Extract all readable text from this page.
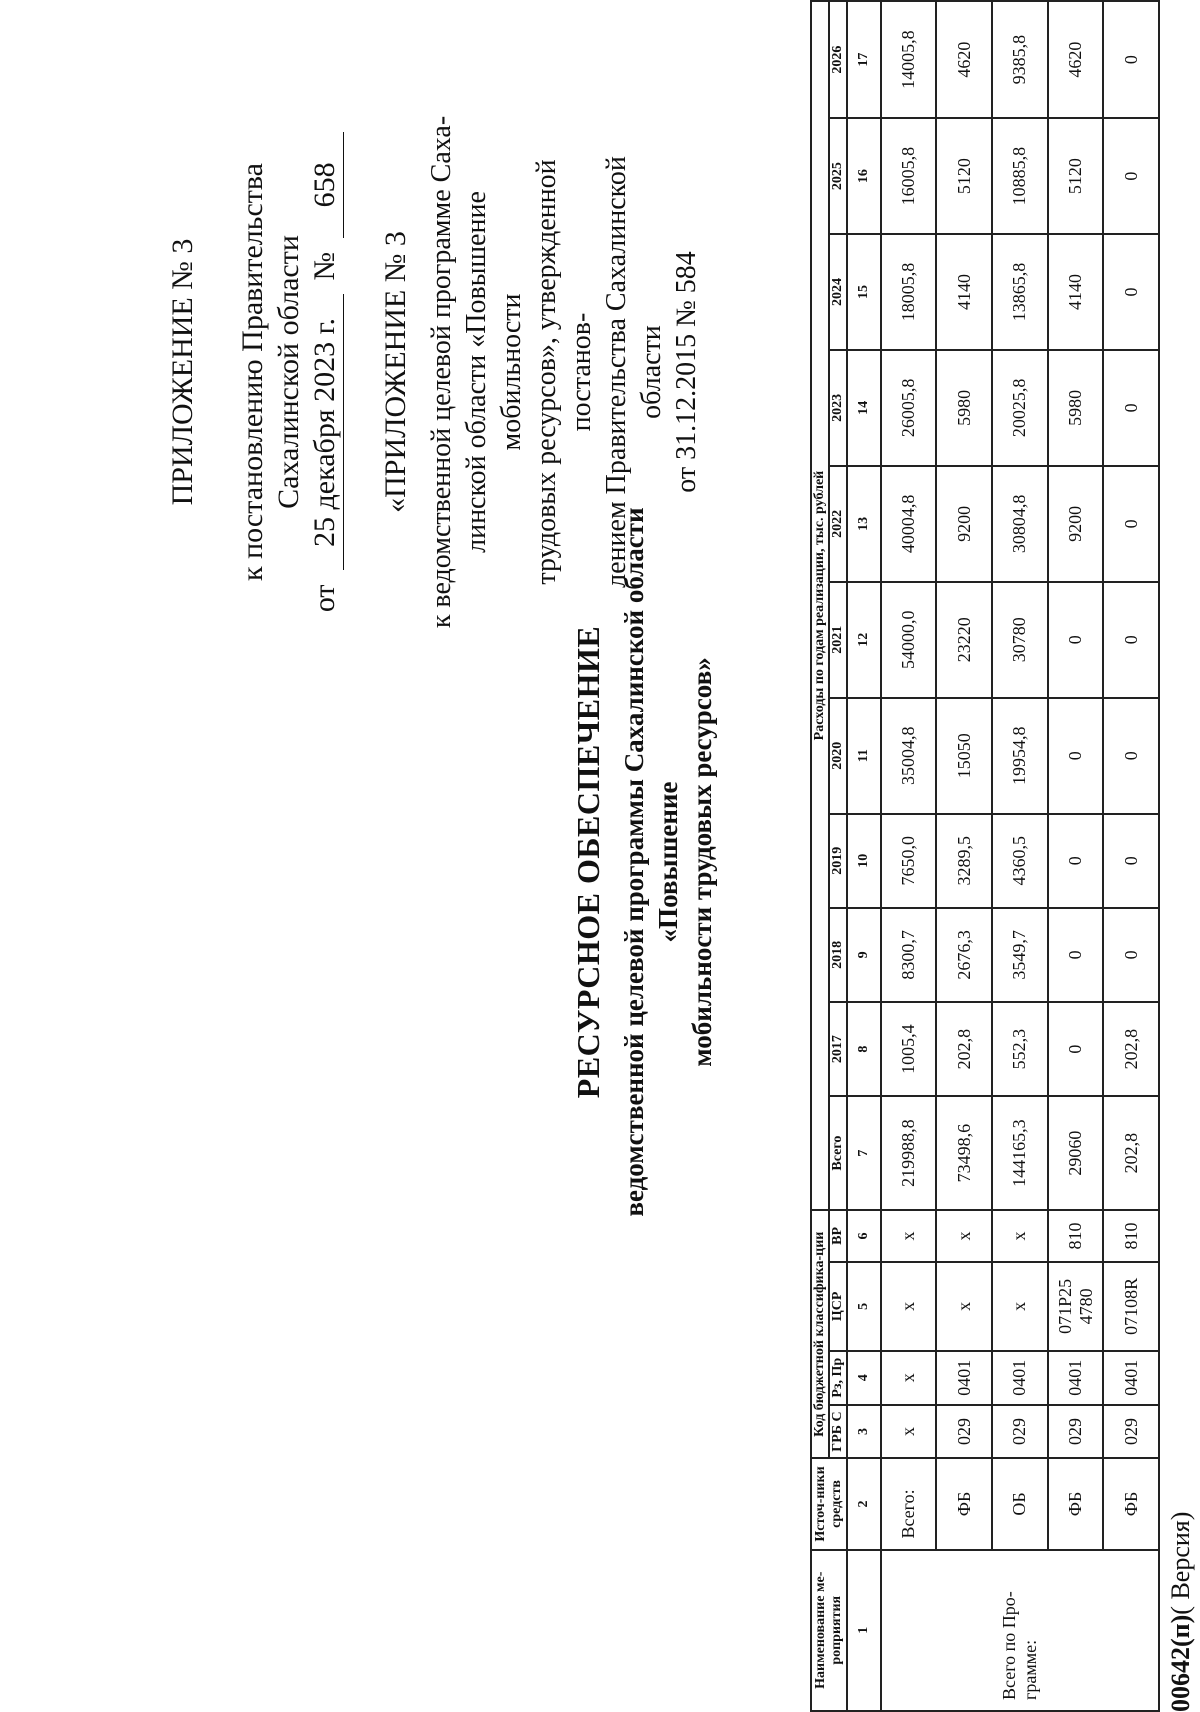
ПРИЛОЖЕНИЕ № 3 к постановлению Правительства Сахалинской области
от
25 декабря 2023 г.
№
658
«ПРИЛОЖЕНИЕ № 3 к ведомственной целевой программе Саха- линской области «Повышение мобильности трудовых ресурсов», утвержденной постанов- лением Правительства Сахалинской области от 31.12.2015 № 584
РЕСУРСНОЕ ОБЕСПЕЧЕНИЕ ведомственной целевой программы Сахалинской области «Повышение мобильности трудовых ресурсов»
Наименование ме-роприятия	Источ-ники средств	Код бюджетной классифика-ции				Расходы по годам реализации, тыс. рублей										
		ГРБ С	Рз, Пр	ЦСР	ВР	Всего										
							2017	2018	2019	2020	2021	2022	2023	2024	2025	2026
1	2	3	4	5	6	7	8	9	10	11	12	13	14	15	16	17
Всего по Про-грамме:	Всего:	х	х	х	х	219988,8	1005,4	8300,7	7650,0	35004,8	54000,0	40004,8	26005,8	18005,8	16005,8	14005,8
	ФБ	029	0401	х	х	73498,6	202,8	2676,3	3289,5	15050	23220	9200	5980	4140	5120	4620
	ОБ	029	0401	х	х	144165,3	552,3	3549,7	4360,5	19954,8	30780	30804,8	20025,8	13865,8	10885,8	9385,8
	ФБ	029	0401	071P25 4780	810	29060	0	0	0	0	0	9200	5980	4140	5120	4620
	ФБ	029	0401	07108R	810	202,8	202,8	0	0	0	0	0	0	0	0	0
00642(п)( Версия)
